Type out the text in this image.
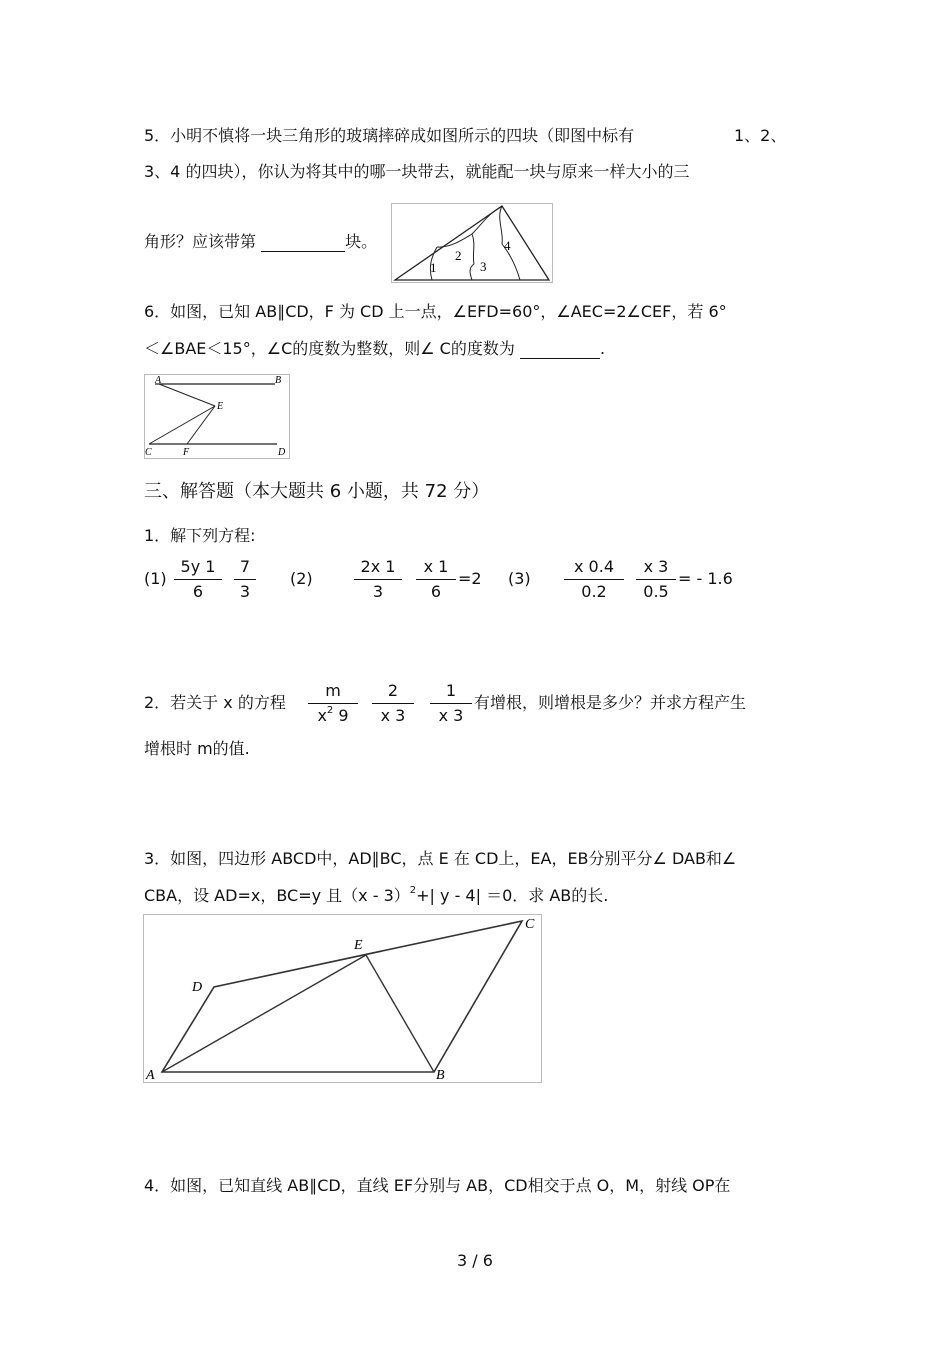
5．小明不慎将一块三角形的玻璃摔碎成如图所示的四块（即图中标有	1、2、
3、4 的四块），你认为将其中的哪一块带去，就能配一块与原来一样大小的三
角形？应该带第	块。
1
2
3
4
6．如图，已知 AB∥CD，F 为 CD 上一点，∠EFD=60°，∠AEC=2∠CEF，若 6°
＜∠BAE＜15°，∠C的度数为整数，则∠ C的度数为	.
A	B
E
C	F	D
三、解答题（本大题共 6 小题，共 72 分）
1．解下列方程:
(1)
5y 1
6
7
3
(2)
2x 1
3
x 1
6
=2 (3)
x 0.4
0.2
x 3
0.5
= - 1.6
2．若关于 x 的方程
m
$x^2$ 9
2
x 3
1
x 3
有增根，则增根是多少？并求方程产生
增根时 m的值.
3．如图，四边形 ABCD中，AD∥BC，点 E 在 CD上，EA，EB分别平分∠ DAB和∠
CBA，设 AD=x，BC=y 且（x - 3）$^2$+| y - 4| ＝0．求 AB的长.
A	B
C
D
E
4．如图，已知直线 AB∥CD，直线 EF分别与 AB，CD相交于点 O，M，射线 OP在
3 / 6
